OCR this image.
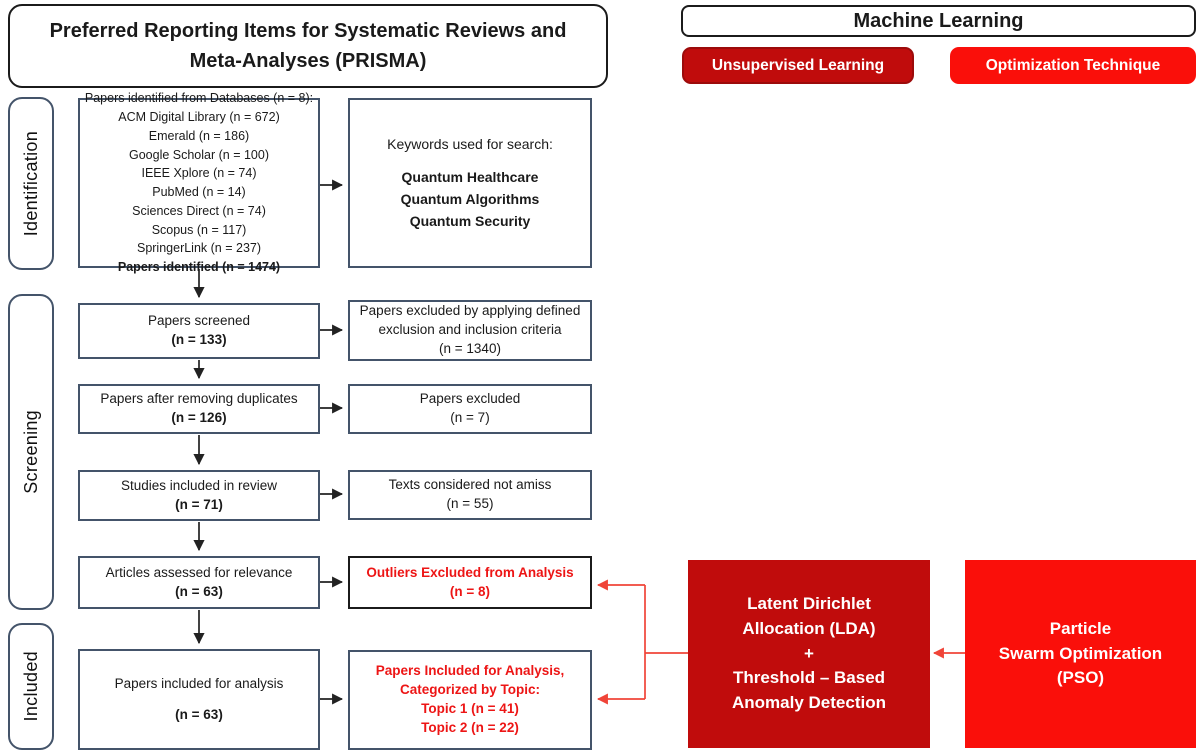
Preferred Reporting Items for Systematic Reviews and Meta-Analyses (PRISMA)
Machine Learning
Unsupervised Learning	Optimization Technique
Identification
Screening
Included
Papers identified from Databases (n = 8):
ACM Digital Library (n = 672)
Emerald (n = 186)
Google Scholar (n = 100)
IEEE Xplore (n = 74)
PubMed (n = 14)
Sciences Direct (n = 74)
Scopus (n = 117)
SpringerLink (n = 237)
Papers identified (n = 1474)
Keywords used for search:
Quantum Healthcare
Quantum Algorithms
Quantum Security
Papers screened
(n = 133)
Papers excluded by applying defined
exclusion and inclusion criteria
(n = 1340)
Papers after removing duplicates
(n = 126)
Papers excluded
(n = 7)
Studies included in review
(n = 71)
Texts considered not amiss
(n = 55)
Articles assessed for relevance
(n = 63)
Outliers Excluded from Analysis
(n = 8)
Papers included for analysis
(n = 63)
Papers Included for Analysis,
Categorized by Topic:
Topic 1 (n = 41)
Topic 2 (n = 22)
Latent Dirichlet
Allocation (LDA)
+
Threshold – Based
Anomaly Detection
Particle
Swarm Optimization
(PSO)
